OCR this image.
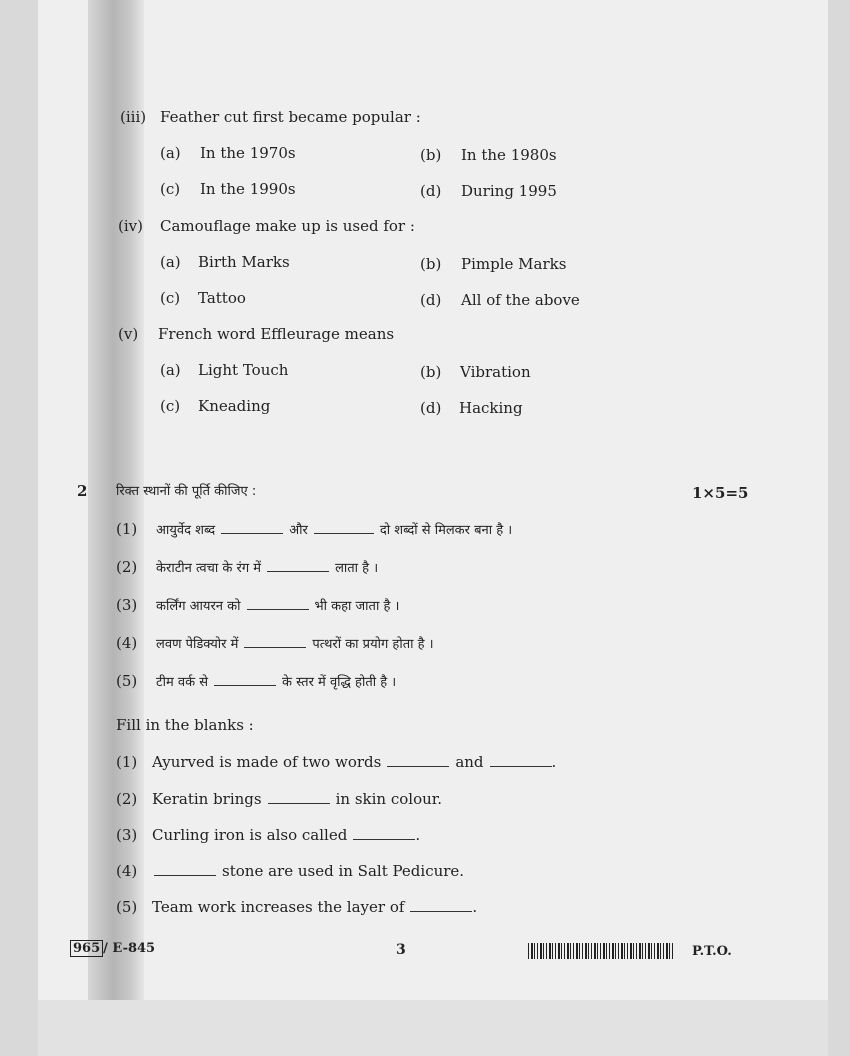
(iii) Feather cut first became popular :
(a) In the 1970s	(b) In the 1980s
(c) In the 1990s	(d) During 1995
(iv) Camouflage make up is used for :
(a) Birth Marks	(b) Pimple Marks
(c) Tattoo	(d) All of the above
(v) French word Effleurage means
(a) Light Touch	(b) Vibration
(c) Kneading	(d) Hacking
2 रिक्त स्थानों की पूर्ति कीजिए :	1×5=5
(1) आयुर्वेद शब्द	और	दो शब्दों से मिलकर बना है ।
(2) केराटीन त्वचा के रंग में	लाता है ।
(3) कर्लिंग आयरन को	भी कहा जाता है ।
(4) लवण पेडिक्योर में	पत्थरों का प्रयोग होता है ।
(5) टीम वर्क से	के स्तर में वृद्धि होती है ।
Fill in the blanks :
(1) Ayurved is made of two words	and	.
(2) Keratin brings	in skin colour.
(3) Curling iron is also called	.
(4)	stone are used in Salt Pedicure.
(5) Team work increases the layer of	.
965 / E-845	3	P.T.O.
